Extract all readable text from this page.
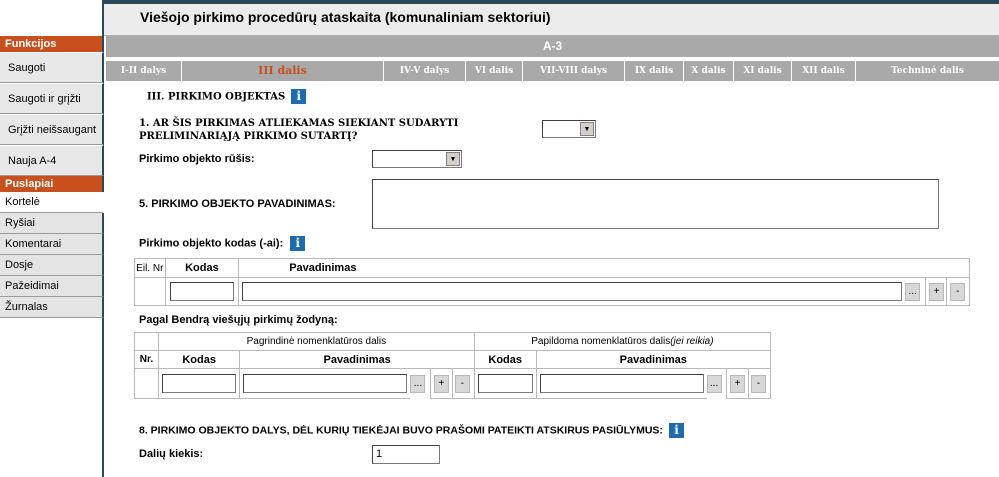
Viešojo pirkimo procedūrų ataskaita (komunaliniam sektoriui)
Funkcijos
Saugoti
Saugoti ir grįžti
Grįžti neišsaugant
Nauja A-4
Puslapiai
Kortelė
Ryšiai
Komentarai
Dosje
Pažeidimai
Žurnalas
A-3
I-II dalys	III dalis	IV-V dalys	VI dalis	VII-VIII dalys	IX dalis	X dalis	XI dalis	XII dalis	Techninė dalis
III. PIRKIMO OBJEKTAS i
1. AR ŠIS PIRKIMAS ATLIEKAMAS SIEKIANT SUDARYTI
PRELIMINARIĄJĄ PIRKIMO SUTARTĮ?
▼
Pirkimo objekto rūšis:	▼
5. PIRKIMO OBJEKTO PAVADINIMAS:
Pirkimo objekto kodas (-ai): i
Eil. Nr	Kodas	Pavadinimas			

			...	+	-
Pagal Bendrą viešųjų pirkimų žodyną:
	Pagrindinė nomenklatūros dalis					Papildoma nomenklatūros dalis(jei reikia)				
Nr.	Kodas	Pavadinimas				Kodas	Pavadinimas			

			...	+	-			...	+	-
8. PIRKIMO OBJEKTO DALYS, DĖL KURIŲ TIEKĖJAI BUVO PRAŠOMI PATEIKTI ATSKIRUS PASIŪLYMUS: i
Dalių kiekis:	1
